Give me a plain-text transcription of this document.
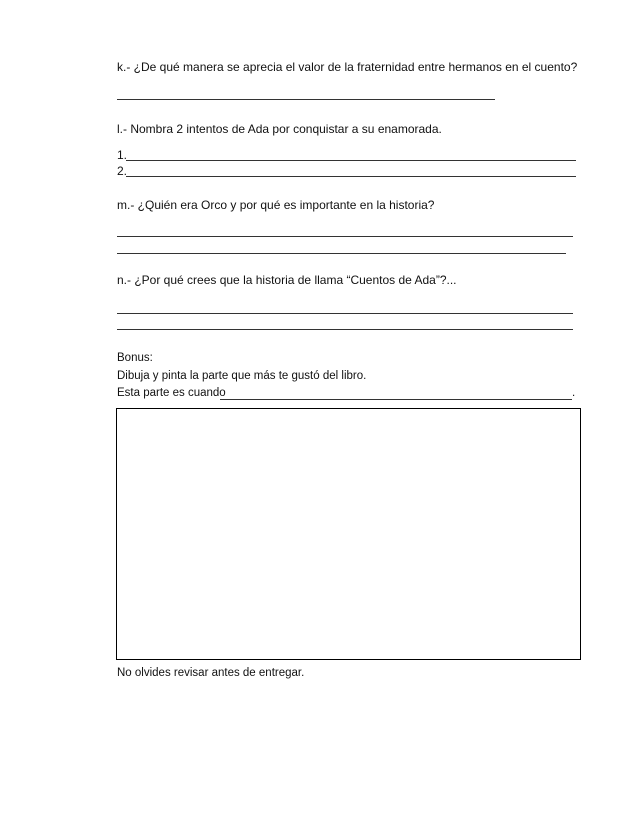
k.- ¿De qué manera se aprecia el valor de la fraternidad entre hermanos en el cuento?
l.- Nombra 2 intentos de Ada por conquistar a su enamorada.
1.
2.
m.- ¿Quién era Orco y por qué es importante en la historia?
n.- ¿Por qué crees que la historia de llama “Cuentos de Ada”?...
Bonus:
Dibuja y pinta la parte que más te gustó del libro.
Esta parte es cuando	.
No olvides revisar antes de entregar.
